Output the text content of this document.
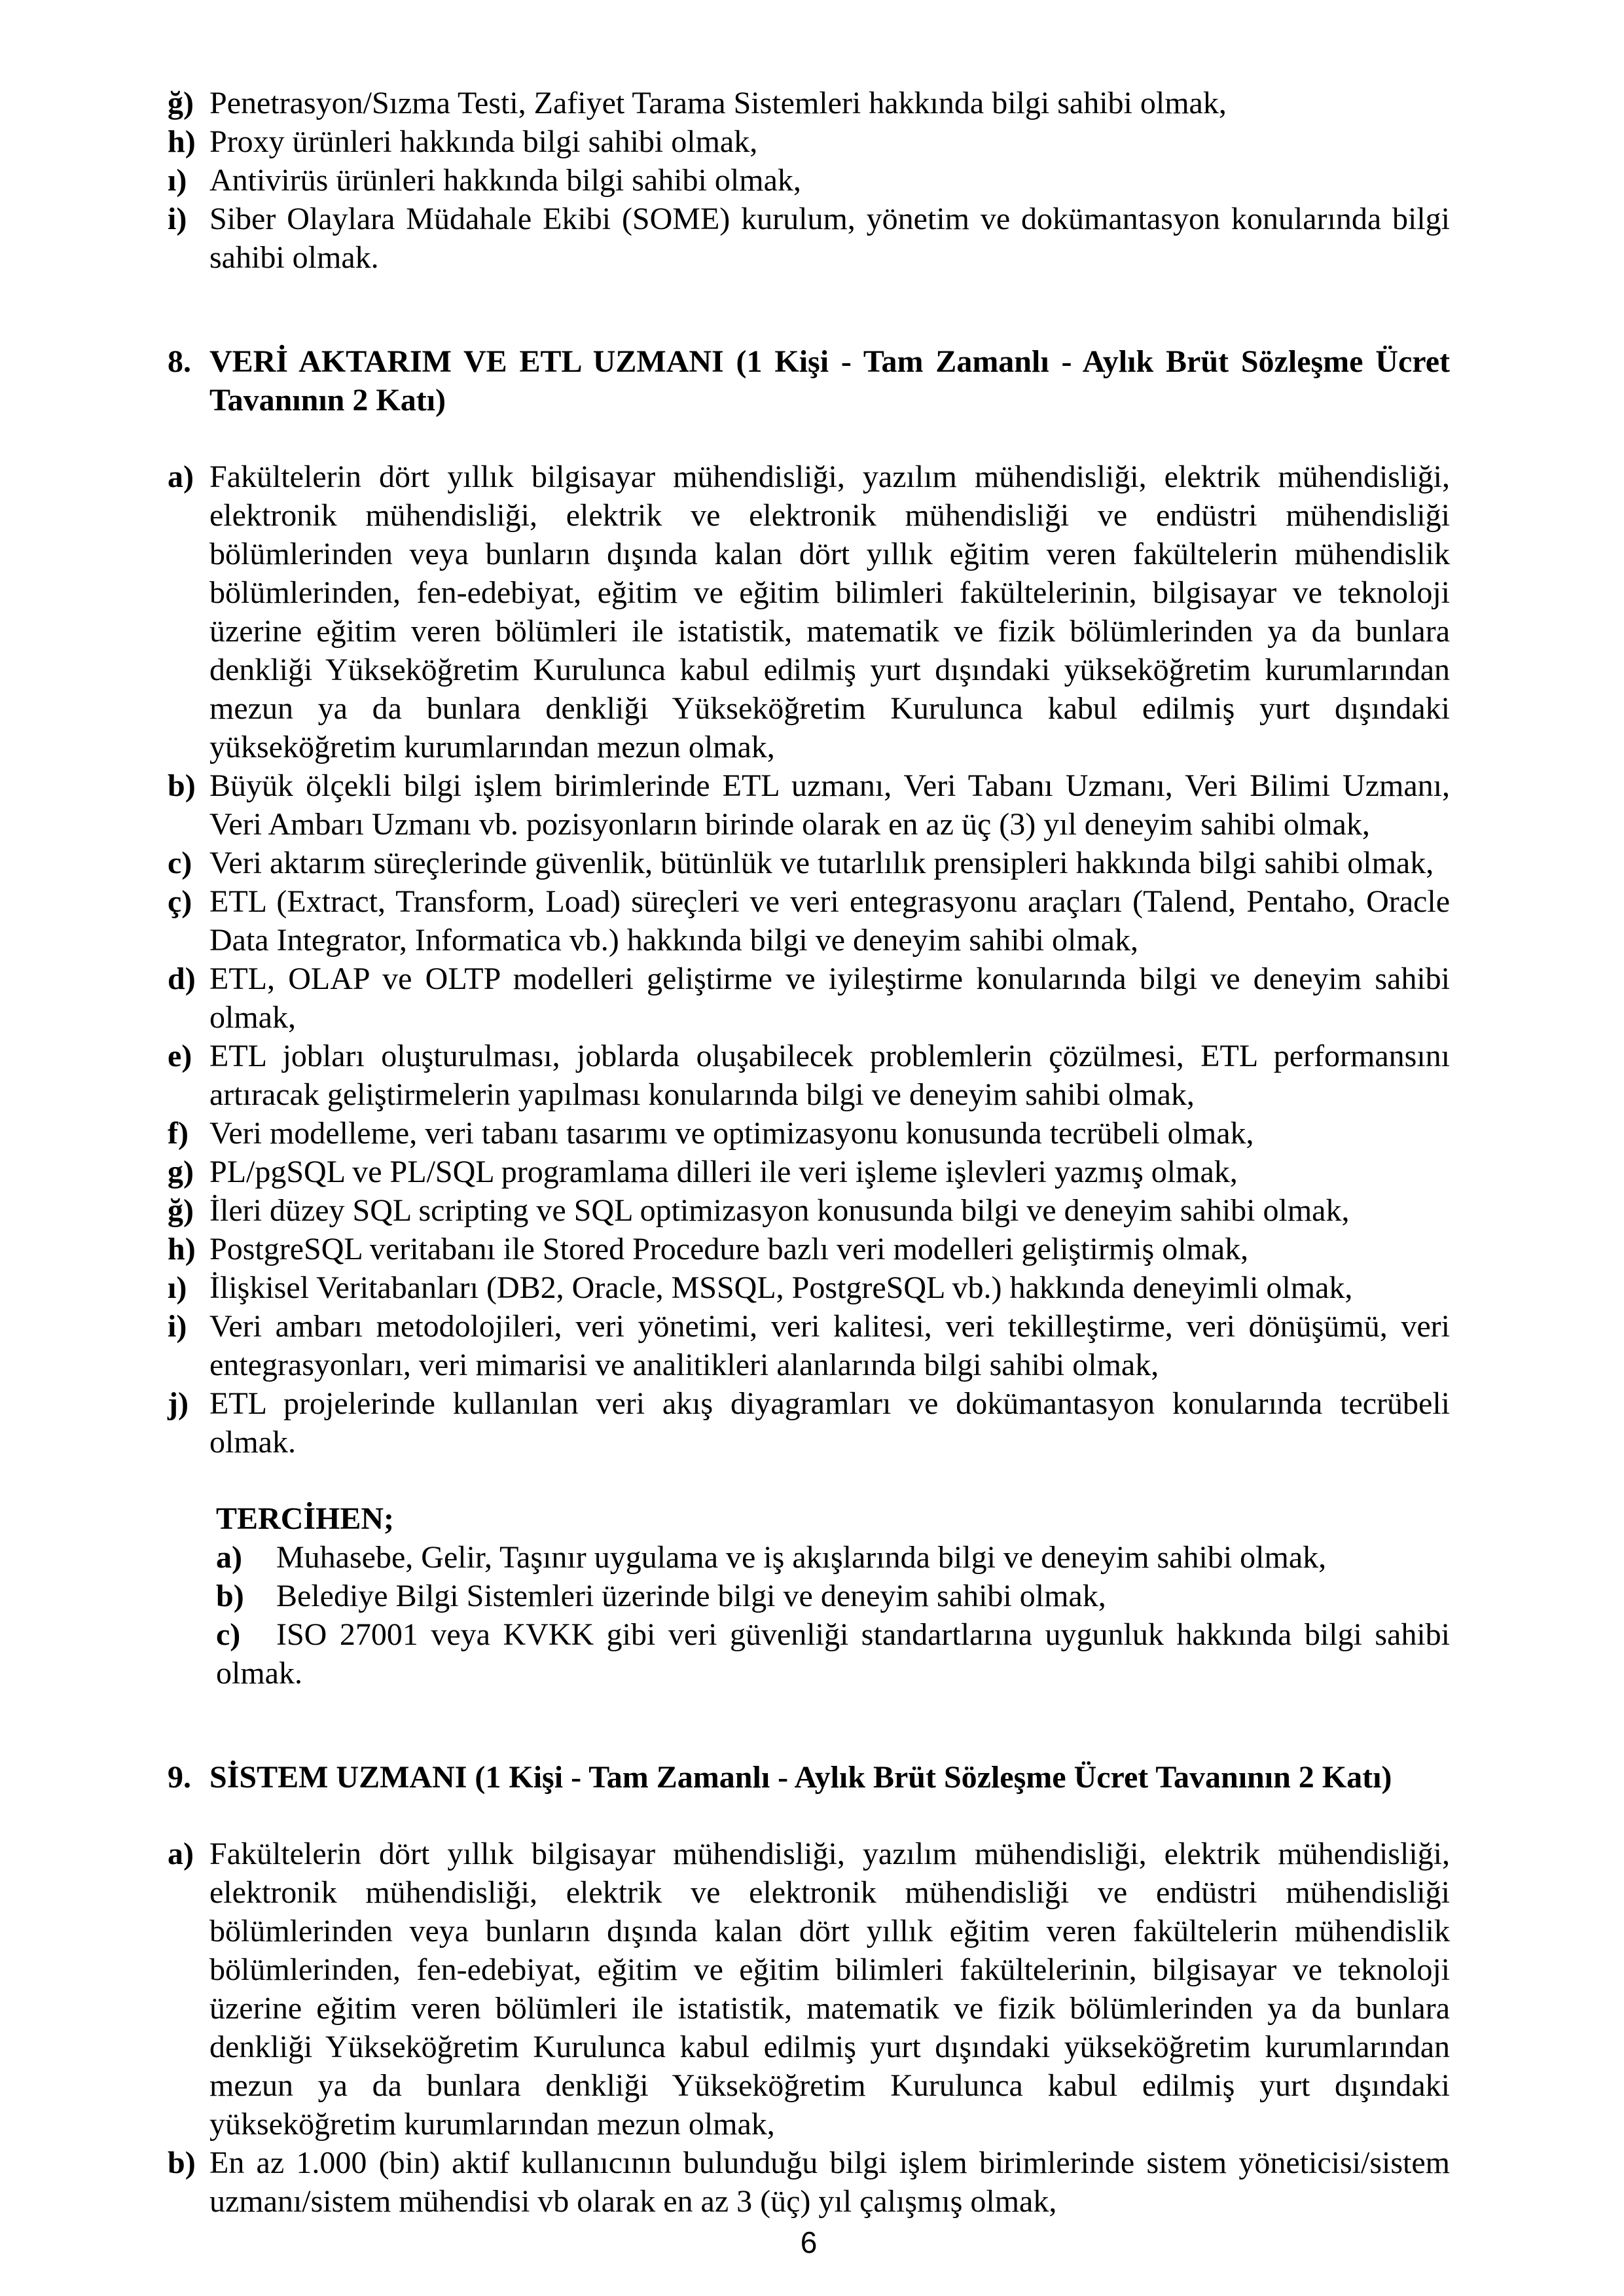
ğ) Penetrasyon/Sızma Testi, Zafiyet Tarama Sistemleri hakkında bilgi sahibi olmak,
h) Proxy ürünleri hakkında bilgi sahibi olmak,
ı) Antivirüs ürünleri hakkında bilgi sahibi olmak,
i) Siber Olaylara Müdahale Ekibi (SOME) kurulum, yönetim ve dokümantasyon konularında bilgi sahibi olmak.
8. VERİ AKTARIM VE ETL UZMANI (1 Kişi - Tam Zamanlı - Aylık Brüt Sözleşme Ücret Tavanının 2 Katı)
a) Fakültelerin dört yıllık bilgisayar mühendisliği, yazılım mühendisliği, elektrik mühendisliği, elektronik mühendisliği, elektrik ve elektronik mühendisliği ve endüstri mühendisliği bölümlerinden veya bunların dışında kalan dört yıllık eğitim veren fakültelerin mühendislik bölümlerinden, fen-edebiyat, eğitim ve eğitim bilimleri fakültelerinin, bilgisayar ve teknoloji üzerine eğitim veren bölümleri ile istatistik, matematik ve fizik bölümlerinden ya da bunlara denkliği Yükseköğretim Kurulunca kabul edilmiş yurt dışındaki yükseköğretim kurumlarından mezun ya da bunlara denkliği Yükseköğretim Kurulunca kabul edilmiş yurt dışındaki yükseköğretim kurumlarından mezun olmak,
b) Büyük ölçekli bilgi işlem birimlerinde ETL uzmanı, Veri Tabanı Uzmanı, Veri Bilimi Uzmanı, Veri Ambarı Uzmanı vb. pozisyonların birinde olarak en az üç (3) yıl deneyim sahibi olmak,
c) Veri aktarım süreçlerinde güvenlik, bütünlük ve tutarlılık prensipleri hakkında bilgi sahibi olmak,
ç) ETL (Extract, Transform, Load) süreçleri ve veri entegrasyonu araçları (Talend, Pentaho, Oracle Data Integrator, Informatica vb.) hakkında bilgi ve deneyim sahibi olmak,
d) ETL, OLAP ve OLTP modelleri geliştirme ve iyileştirme konularında bilgi ve deneyim sahibi olmak,
e) ETL jobları oluşturulması, joblarda oluşabilecek problemlerin çözülmesi, ETL performansını artıracak geliştirmelerin yapılması konularında bilgi ve deneyim sahibi olmak,
f) Veri modelleme, veri tabanı tasarımı ve optimizasyonu konusunda tecrübeli olmak,
g) PL/pgSQL ve PL/SQL programlama dilleri ile veri işleme işlevleri yazmış olmak,
ğ) İleri düzey SQL scripting ve SQL optimizasyon konusunda bilgi ve deneyim sahibi olmak,
h) PostgreSQL veritabanı ile Stored Procedure bazlı veri modelleri geliştirmiş olmak,
ı) İlişkisel Veritabanları (DB2, Oracle, MSSQL, PostgreSQL vb.) hakkında deneyimli olmak,
i) Veri ambarı metodolojileri, veri yönetimi, veri kalitesi, veri tekilleştirme, veri dönüşümü, veri entegrasyonları, veri mimarisi ve analitikleri alanlarında bilgi sahibi olmak,
j) ETL projelerinde kullanılan veri akış diyagramları ve dokümantasyon konularında tecrübeli olmak.
TERCİHEN;
a) Muhasebe, Gelir, Taşınır uygulama ve iş akışlarında bilgi ve deneyim sahibi olmak,
b) Belediye Bilgi Sistemleri üzerinde bilgi ve deneyim sahibi olmak,
c) ISO 27001 veya KVKK gibi veri güvenliği standartlarına uygunluk hakkında bilgi sahibi olmak.
9. SİSTEM UZMANI (1 Kişi - Tam Zamanlı - Aylık Brüt Sözleşme Ücret Tavanının 2 Katı)
a) Fakültelerin dört yıllık bilgisayar mühendisliği, yazılım mühendisliği, elektrik mühendisliği, elektronik mühendisliği, elektrik ve elektronik mühendisliği ve endüstri mühendisliği bölümlerinden veya bunların dışında kalan dört yıllık eğitim veren fakültelerin mühendislik bölümlerinden, fen-edebiyat, eğitim ve eğitim bilimleri fakültelerinin, bilgisayar ve teknoloji üzerine eğitim veren bölümleri ile istatistik, matematik ve fizik bölümlerinden ya da bunlara denkliği Yükseköğretim Kurulunca kabul edilmiş yurt dışındaki yükseköğretim kurumlarından mezun ya da bunlara denkliği Yükseköğretim Kurulunca kabul edilmiş yurt dışındaki yükseköğretim kurumlarından mezun olmak,
b) En az 1.000 (bin) aktif kullanıcının bulunduğu bilgi işlem birimlerinde sistem yöneticisi/sistem uzmanı/sistem mühendisi vb olarak en az 3 (üç) yıl çalışmış olmak,
6
